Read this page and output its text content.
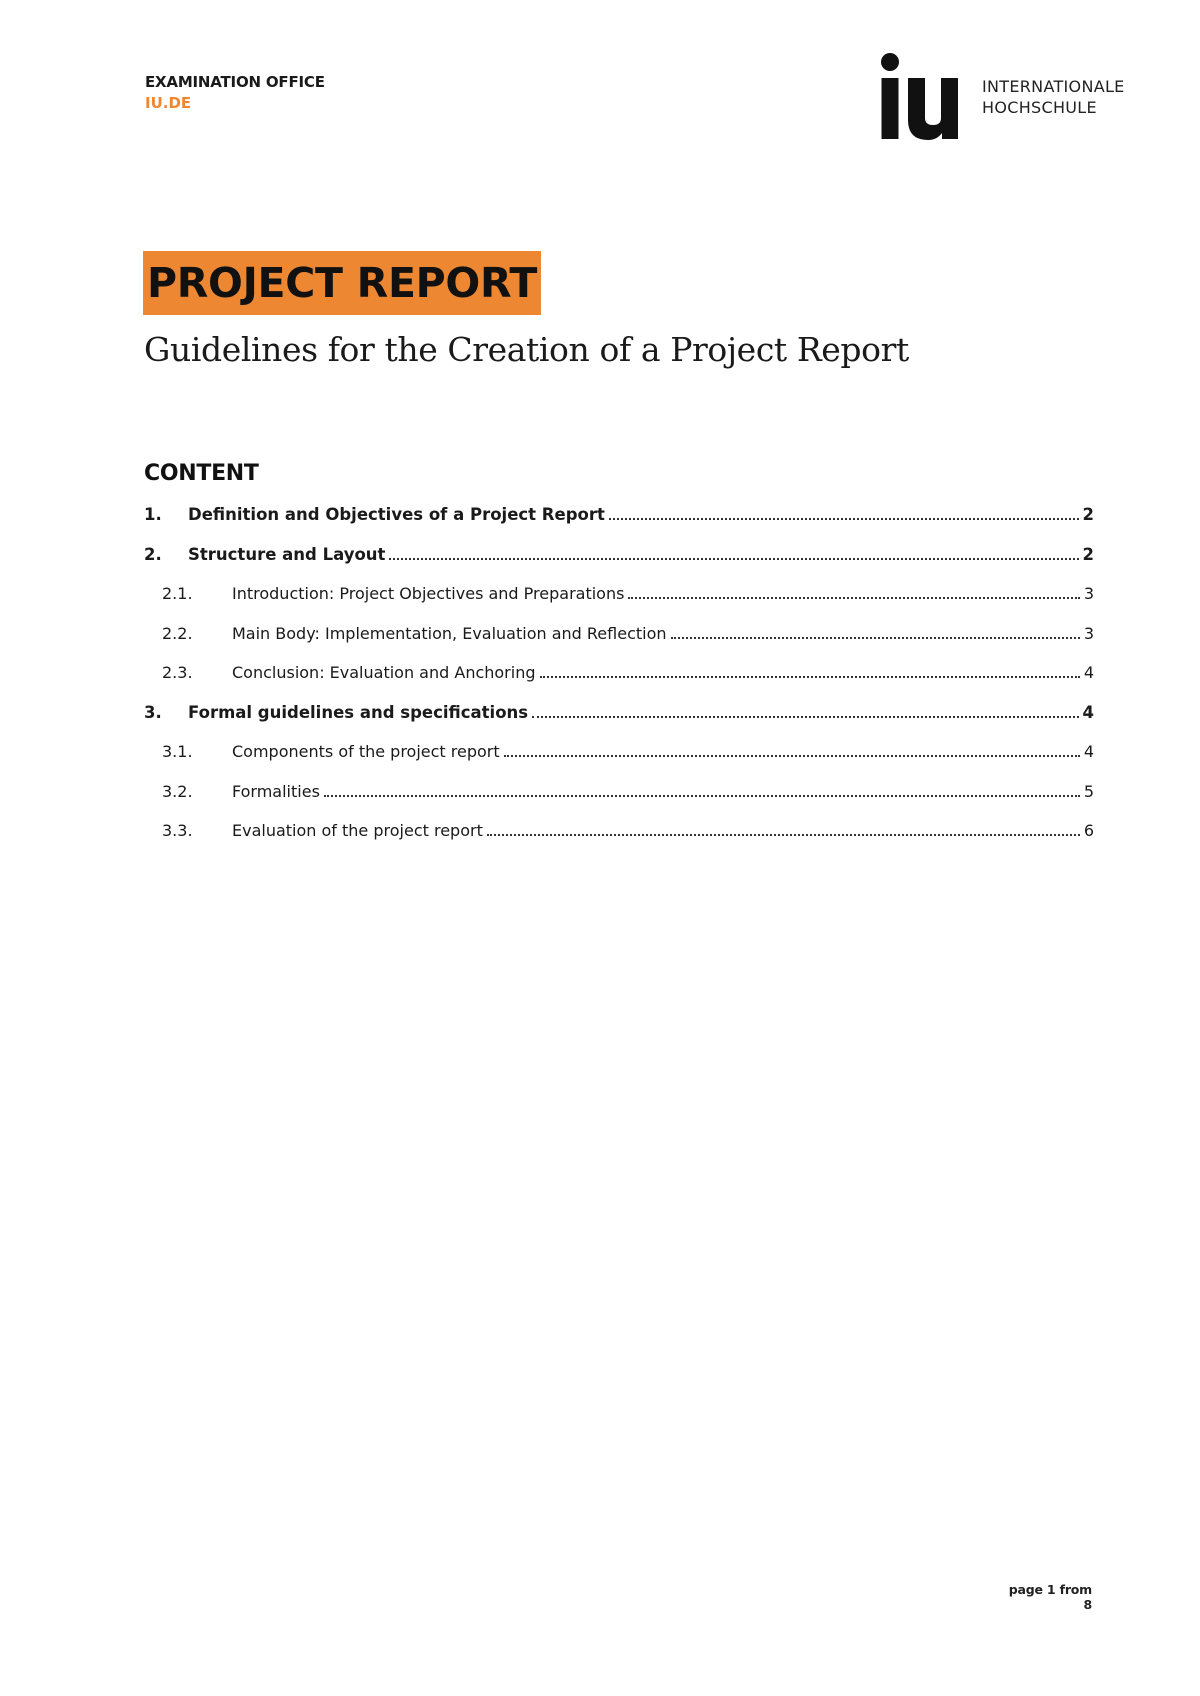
EXAMINATION OFFICE
IU.DE
INTERNATIONALE
HOCHSCHULE
PROJECT REPORT
Guidelines for the Creation of a Project Report
CONTENT
1.	Definition and Objectives of a Project Report	2
2.	Structure and Layout	2
2.1.	Introduction: Project Objectives and Preparations	3
2.2.	Main Body: Implementation, Evaluation and Reflection	3
2.3.	Conclusion: Evaluation and Anchoring	4
3.	Formal guidelines and specifications	4
3.1.	Components of the project report	4
3.2.	Formalities	5
3.3.	Evaluation of the project report	6
page 1 from 8
